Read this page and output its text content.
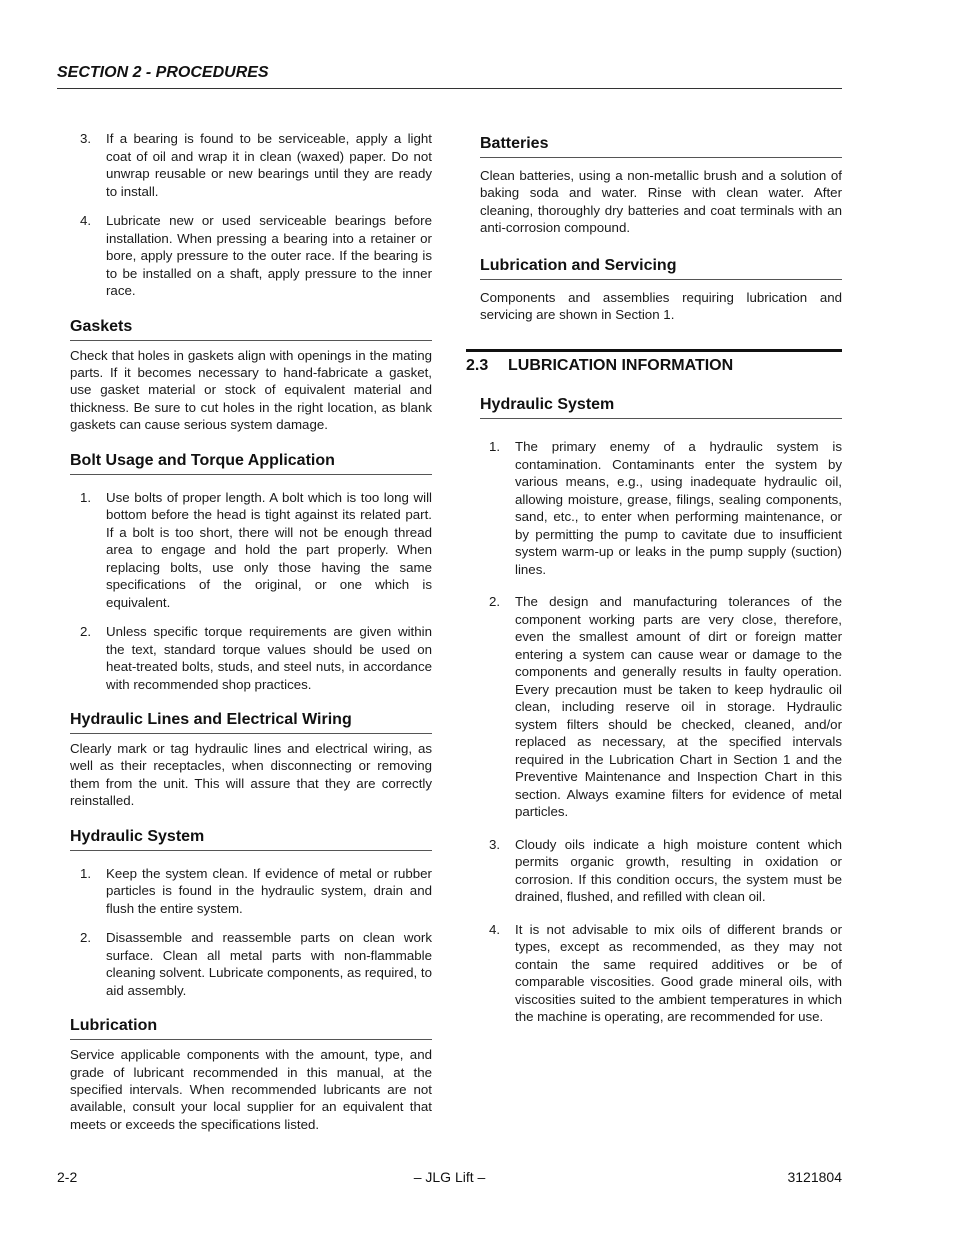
SECTION 2 - PROCEDURES
3. If a bearing is found to be serviceable, apply a light coat of oil and wrap it in clean (waxed) paper. Do not unwrap reusable or new bearings until they are ready to install.
4. Lubricate new or used serviceable bearings before installation. When pressing a bearing into a retainer or bore, apply pressure to the outer race. If the bearing is to be installed on a shaft, apply pressure to the inner race.
Gaskets

Check that holes in gaskets align with openings in the mating parts. If it becomes necessary to hand-fabricate a gasket, use gasket material or stock of equivalent material and thickness. Be sure to cut holes in the right location, as blank gaskets can cause serious system damage.

Bolt Usage and Torque Application
1. Use bolts of proper length. A bolt which is too long will bottom before the head is tight against its related part. If a bolt is too short, there will not be enough thread area to engage and hold the part properly. When replacing bolts, use only those having the same specifications of the original, or one which is equivalent.
2. Unless specific torque requirements are given within the text, standard torque values should be used on heat-treated bolts, studs, and steel nuts, in accordance with recommended shop practices.
Hydraulic Lines and Electrical Wiring

Clearly mark or tag hydraulic lines and electrical wiring, as well as their receptacles, when disconnecting or removing them from the unit. This will assure that they are correctly reinstalled.

Hydraulic System
1. Keep the system clean. If evidence of metal or rubber particles is found in the hydraulic system, drain and flush the entire system.
2. Disassemble and reassemble parts on clean work surface. Clean all metal parts with non-flammable cleaning solvent. Lubricate components, as required, to aid assembly.
Lubrication

Service applicable components with the amount, type, and grade of lubricant recommended in this manual, at the specified intervals. When recommended lubricants are not available, consult your local supplier for an equivalent that meets or exceeds the specifications listed.

Batteries

Clean batteries, using a non-metallic brush and a solution of baking soda and water. Rinse with clean water. After cleaning, thoroughly dry batteries and coat terminals with an anti-corrosion compound.

Lubrication and Servicing

Components and assemblies requiring lubrication and servicing are shown in Section 1.

2.3 LUBRICATION INFORMATION
Hydraulic System
1. The primary enemy of a hydraulic system is contamination. Contaminants enter the system by various means, e.g., using inadequate hydraulic oil, allowing moisture, grease, filings, sealing components, sand, etc., to enter when performing maintenance, or by permitting the pump to cavitate due to insufficient system warm-up or leaks in the pump supply (suction) lines.
2. The design and manufacturing tolerances of the component working parts are very close, therefore, even the smallest amount of dirt or foreign matter entering a system can cause wear or damage to the components and generally results in faulty operation. Every precaution must be taken to keep hydraulic oil clean, including reserve oil in storage. Hydraulic system filters should be checked, cleaned, and/or replaced as necessary, at the specified intervals required in the Lubrication Chart in Section 1 and the Preventive Maintenance and Inspection Chart in this section. Always examine filters for evidence of metal particles.
3. Cloudy oils indicate a high moisture content which permits organic growth, resulting in oxidation or corrosion. If this condition occurs, the system must be drained, flushed, and refilled with clean oil.
4. It is not advisable to mix oils of different brands or types, except as recommended, as they may not contain the same required additives or be of comparable viscosities. Good grade mineral oils, with viscosities suited to the ambient temperatures in which the machine is operating, are recommended for use.
2-2	– JLG Lift –	3121804
